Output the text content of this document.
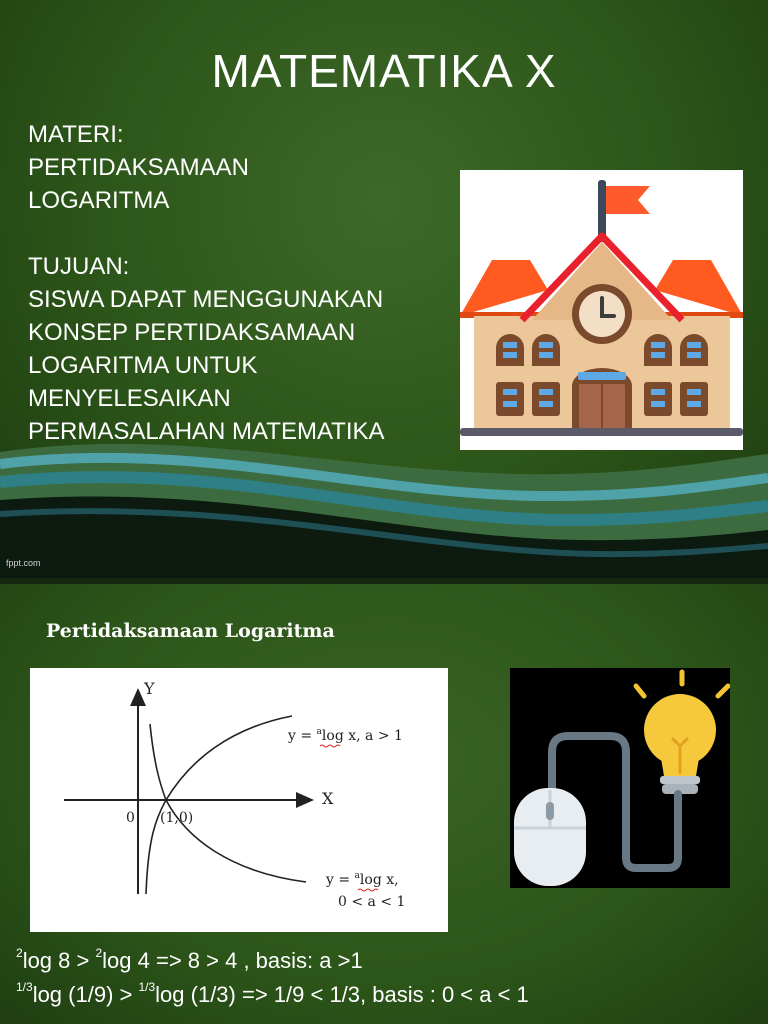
MATEMATIKA X
MATERI:
PERTIDAKSAMAAN
LOGARITMA

TUJUAN:
SISWA DAPAT MENGGUNAKAN
KONSEP PERTIDAKSAMAAN
LOGARITMA UNTUK
MENYELESAIKAN
PERMASALAHAN MATEMATIKA
fppt.com
Pertidaksamaan Logaritma
Y
X
0 (1,0)
y = $^a$log x, a > 1
y = $^a$log x,
0 < a < 1
$^2$log 8 > $^2$log 4 => 8 > 4 , basis: a >1
$^{1/3}$log (1/9) > $^{1/3}$log (1/3) => 1/9 < 1/3, basis : 0 < a < 1
